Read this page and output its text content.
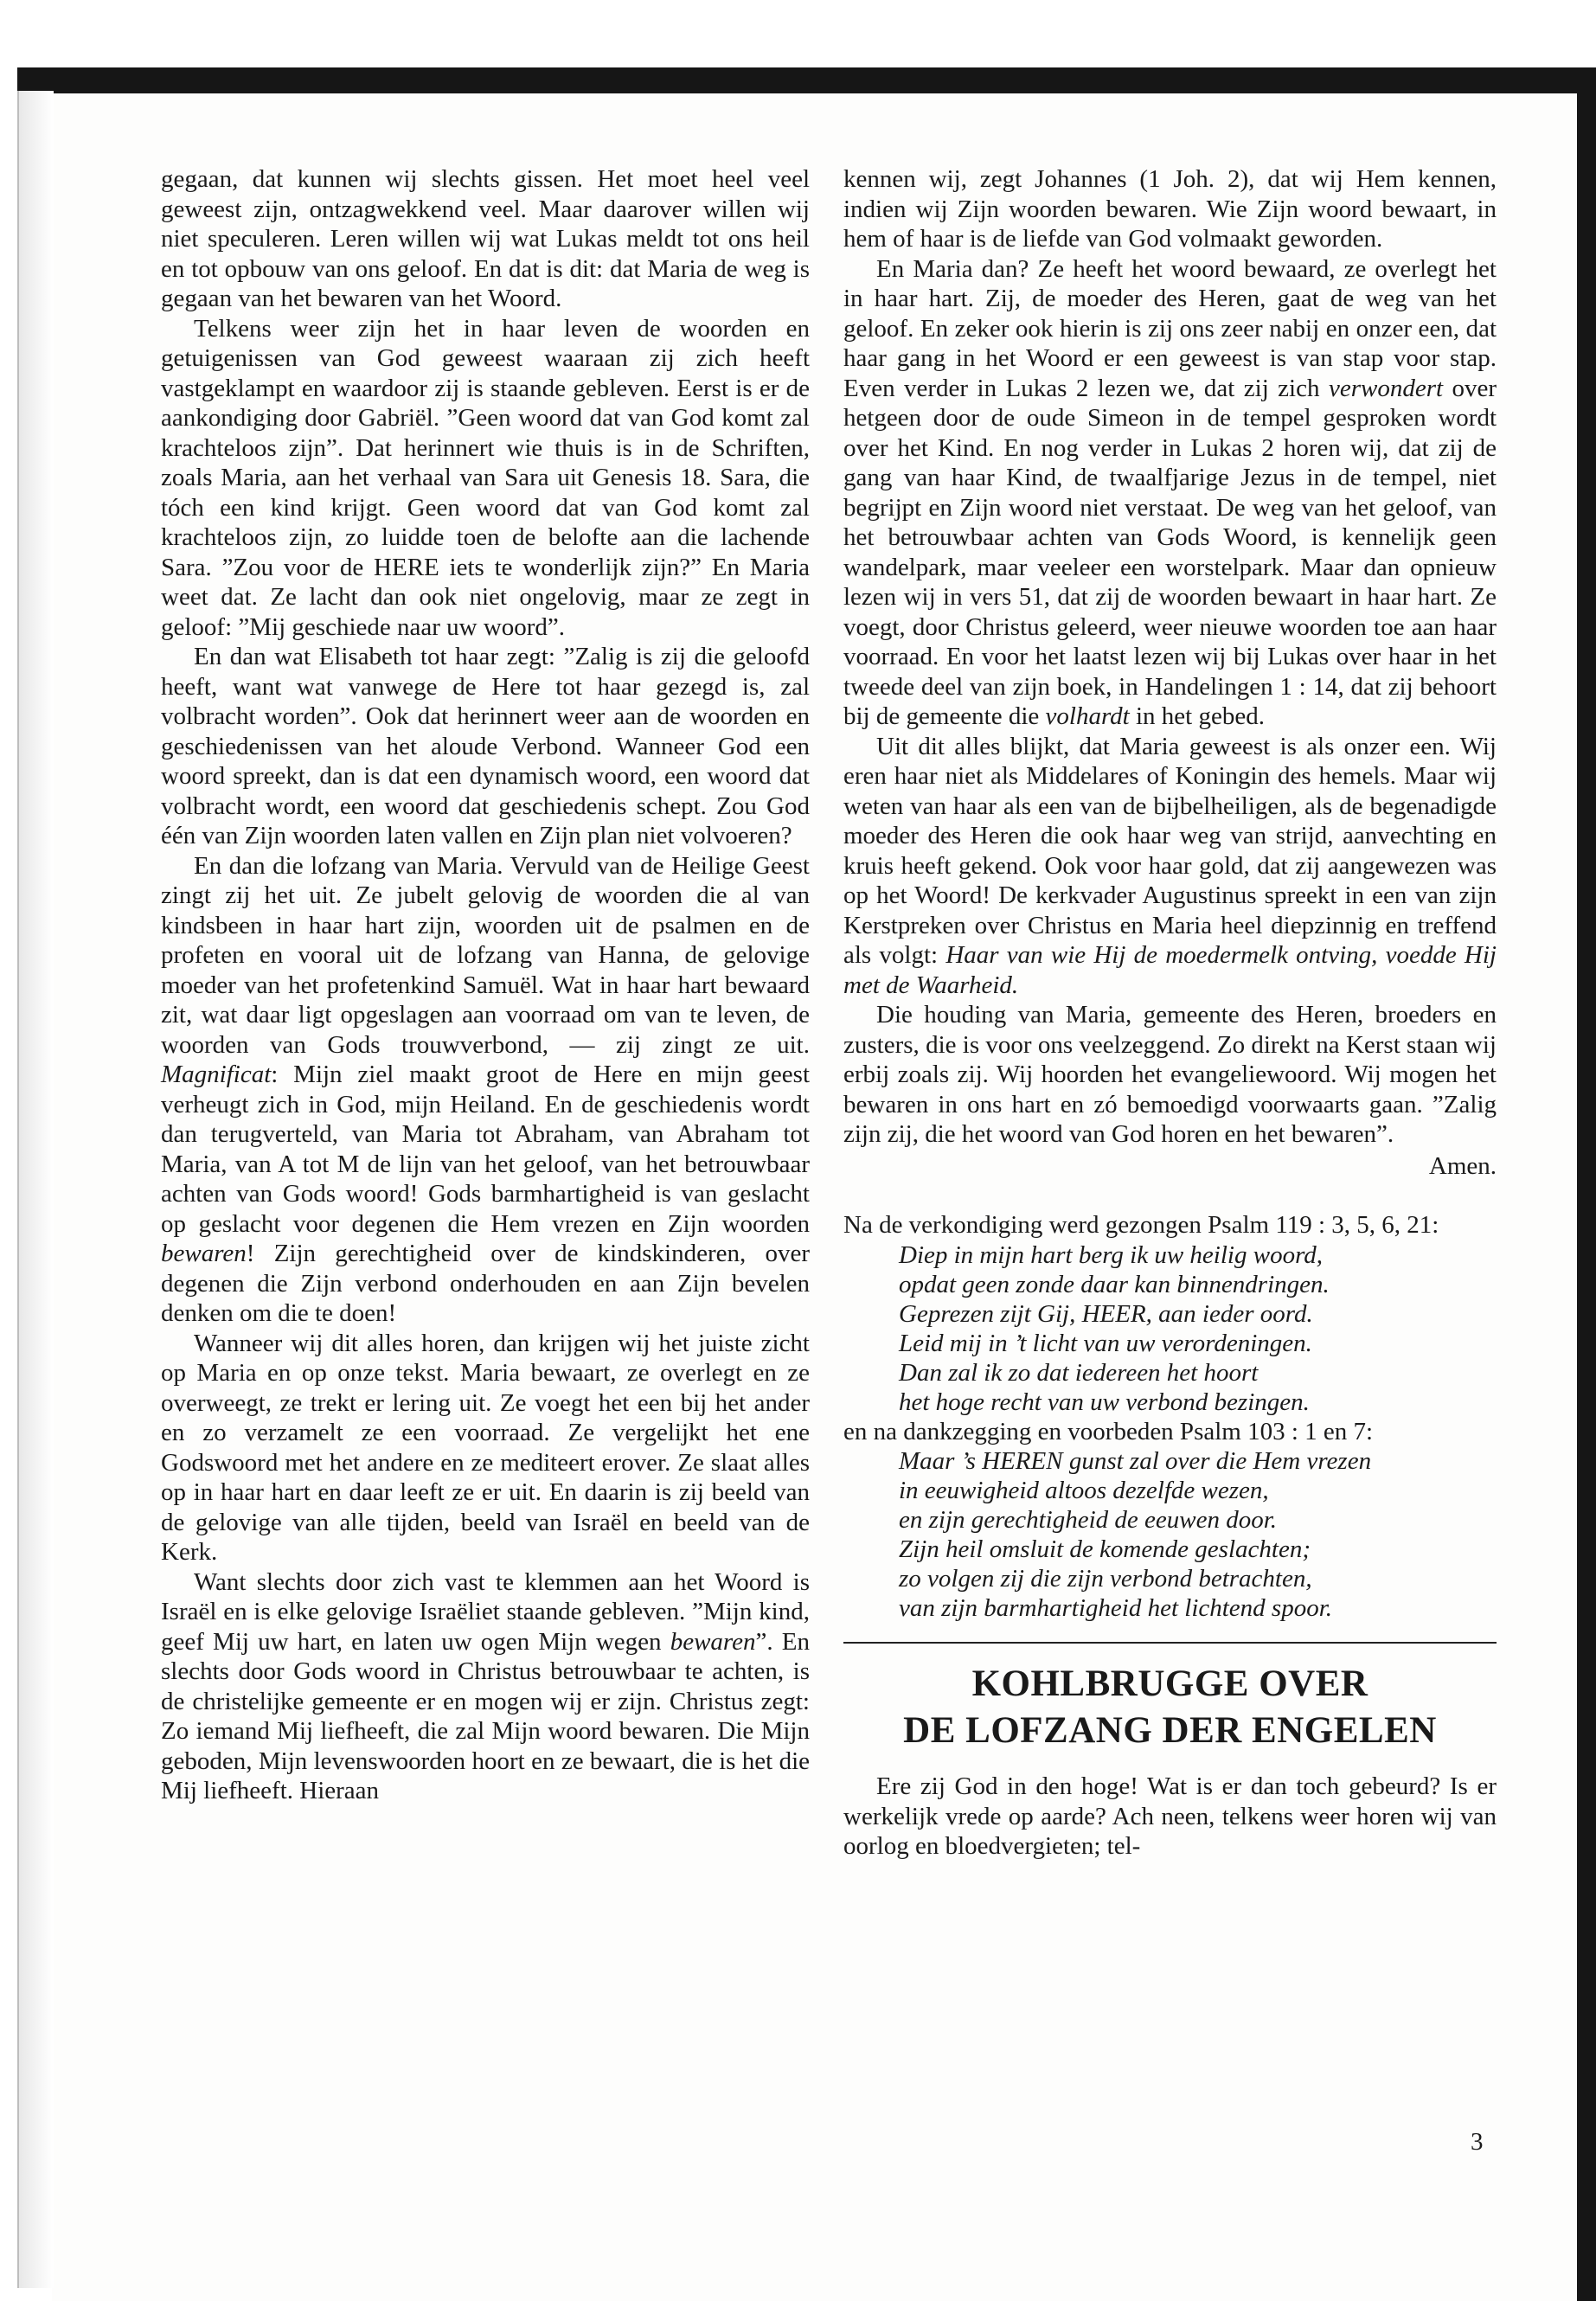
gegaan, dat kunnen wij slechts gissen. Het moet heel veel geweest zijn, ontzagwekkend veel. Maar daarover willen wij niet speculeren. Leren willen wij wat Lukas meldt tot ons heil en tot opbouw van ons geloof. En dat is dit: dat Maria de weg is gegaan van het bewaren van het Woord.

Telkens weer zijn het in haar leven de woorden en getuigenissen van God geweest waaraan zij zich heeft vastgeklampt en waardoor zij is staande gebleven. Eerst is er de aankondiging door Gabriël. ”Geen woord dat van God komt zal krachteloos zijn”. Dat herinnert wie thuis is in de Schriften, zoals Maria, aan het verhaal van Sara uit Genesis 18. Sara, die tóch een kind krijgt. Geen woord dat van God komt zal krachteloos zijn, zo luidde toen de belofte aan die lachende Sara. ”Zou voor de HERE iets te wonderlijk zijn?” En Maria weet dat. Ze lacht dan ook niet ongelovig, maar ze zegt in geloof: ”Mij geschiede naar uw woord”.

En dan wat Elisabeth tot haar zegt: ”Zalig is zij die geloofd heeft, want wat vanwege de Here tot haar gezegd is, zal volbracht worden”. Ook dat herinnert weer aan de woorden en geschiedenissen van het aloude Verbond. Wanneer God een woord spreekt, dan is dat een dynamisch woord, een woord dat volbracht wordt, een woord dat geschiedenis schept. Zou God één van Zijn woorden laten vallen en Zijn plan niet volvoeren?

En dan die lofzang van Maria. Vervuld van de Heilige Geest zingt zij het uit. Ze jubelt gelovig de woorden die al van kindsbeen in haar hart zijn, woorden uit de psalmen en de profeten en vooral uit de lofzang van Hanna, de gelovige moeder van het profetenkind Samuël. Wat in haar hart bewaard zit, wat daar ligt opgeslagen aan voorraad om van te leven, de woorden van Gods trouwverbond, — zij zingt ze uit. Magnificat: Mijn ziel maakt groot de Here en mijn geest verheugt zich in God, mijn Heiland. En de geschiedenis wordt dan terugverteld, van Maria tot Abraham, van Abraham tot Maria, van A tot M de lijn van het geloof, van het betrouwbaar achten van Gods woord! Gods barmhartigheid is van geslacht op geslacht voor degenen die Hem vrezen en Zijn woorden bewaren! Zijn gerechtigheid over de kindskinderen, over degenen die Zijn verbond onderhouden en aan Zijn bevelen denken om die te doen!

Wanneer wij dit alles horen, dan krijgen wij het juiste zicht op Maria en op onze tekst. Maria bewaart, ze overlegt en ze overweegt, ze trekt er lering uit. Ze voegt het een bij het ander en zo verzamelt ze een voorraad. Ze vergelijkt het ene Godswoord met het andere en ze mediteert erover. Ze slaat alles op in haar hart en daar leeft ze er uit. En daarin is zij beeld van de gelovige van alle tijden, beeld van Israël en beeld van de Kerk.

Want slechts door zich vast te klemmen aan het Woord is Israël en is elke gelovige Israëliet staande gebleven. ”Mijn kind, geef Mij uw hart, en laten uw ogen Mijn wegen bewaren”. En slechts door Gods woord in Christus betrouwbaar te achten, is de christelijke gemeente er en mogen wij er zijn. Christus zegt: Zo iemand Mij liefheeft, die zal Mijn woord bewaren. Die Mijn geboden, Mijn levenswoorden hoort en ze bewaart, die is het die Mij liefheeft. Hieraan

kennen wij, zegt Johannes (1 Joh. 2), dat wij Hem kennen, indien wij Zijn woorden bewaren. Wie Zijn woord bewaart, in hem of haar is de liefde van God volmaakt geworden.

En Maria dan? Ze heeft het woord bewaard, ze overlegt het in haar hart. Zij, de moeder des Heren, gaat de weg van het geloof. En zeker ook hierin is zij ons zeer nabij en onzer een, dat haar gang in het Woord er een geweest is van stap voor stap. Even verder in Lukas 2 lezen we, dat zij zich verwondert over hetgeen door de oude Simeon in de tempel gesproken wordt over het Kind. En nog verder in Lukas 2 horen wij, dat zij de gang van haar Kind, de twaalfjarige Jezus in de tempel, niet begrijpt en Zijn woord niet verstaat. De weg van het geloof, van het betrouwbaar achten van Gods Woord, is kennelijk geen wandelpark, maar veeleer een worstelpark. Maar dan opnieuw lezen wij in vers 51, dat zij de woorden bewaart in haar hart. Ze voegt, door Christus geleerd, weer nieuwe woorden toe aan haar voorraad. En voor het laatst lezen wij bij Lukas over haar in het tweede deel van zijn boek, in Handelingen 1 : 14, dat zij behoort bij de gemeente die volhardt in het gebed.

Uit dit alles blijkt, dat Maria geweest is als onzer een. Wij eren haar niet als Middelares of Koningin des hemels. Maar wij weten van haar als een van de bijbelheiligen, als de begenadigde moeder des Heren die ook haar weg van strijd, aanvechting en kruis heeft gekend. Ook voor haar gold, dat zij aangewezen was op het Woord! De kerkvader Augustinus spreekt in een van zijn Kerstpreken over Christus en Maria heel diepzinnig en treffend als volgt: Haar van wie Hij de moedermelk ontving, voedde Hij met de Waarheid.

Die houding van Maria, gemeente des Heren, broeders en zusters, die is voor ons veelzeggend. Zo direkt na Kerst staan wij erbij zoals zij. Wij hoorden het evangeliewoord. Wij mogen het bewaren in ons hart en zó bemoedigd voorwaarts gaan. ”Zalig zijn zij, die het woord van God horen en het bewaren”.

Amen.

Na de verkondiging werd gezongen Psalm 119 : 3, 5, 6, 21:

Diep in mijn hart berg ik uw heilig woord,
opdat geen zonde daar kan binnendringen.
Geprezen zijt Gij, HEER, aan ieder oord.
Leid mij in ’t licht van uw verordeningen.
Dan zal ik zo dat iedereen het hoort
het hoge recht van uw verbond bezingen.

en na dankzegging en voorbeden Psalm 103 : 1 en 7:

Maar ’s HEREN gunst zal over die Hem vrezen
in eeuwigheid altoos dezelfde wezen,
en zijn gerechtigheid de eeuwen door.
Zijn heil omsluit de komende geslachten;
zo volgen zij die zijn verbond betrachten,
van zijn barmhartigheid het lichtend spoor.
KOHLBRUGGE OVER
DE LOFZANG DER ENGELEN

Ere zij God in den hoge! Wat is er dan toch gebeurd? Is er werkelijk vrede op aarde? Ach neen, telkens weer horen wij van oorlog en bloedvergieten; tel-

3
